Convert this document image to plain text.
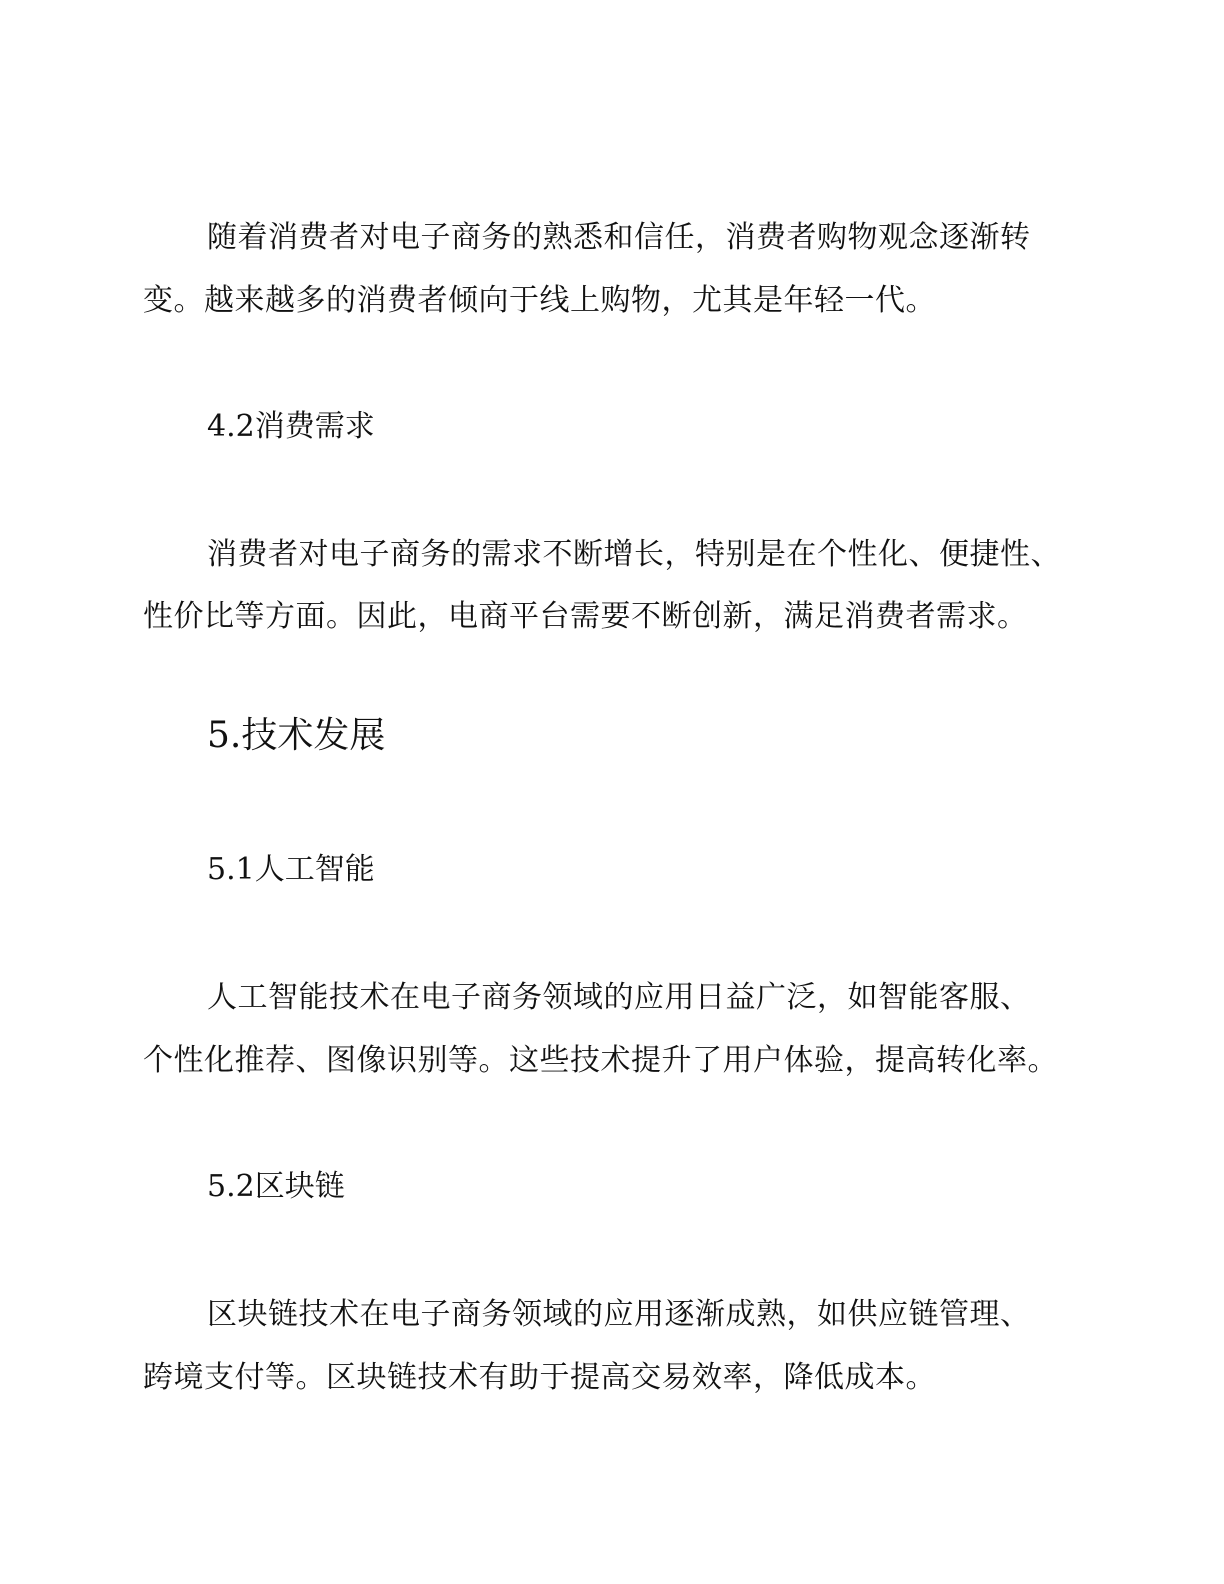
随着消费者对电子商务的熟悉和信任，消费者购物观念逐渐转
变。越来越多的消费者倾向于线上购物，尤其是年轻一代。
4.2消费需求
消费者对电子商务的需求不断增长，特别是在个性化、便捷性、
性价比等方面。因此，电商平台需要不断创新，满足消费者需求。
5.技术发展
5.1人工智能
人工智能技术在电子商务领域的应用日益广泛，如智能客服、
个性化推荐、图像识别等。这些技术提升了用户体验，提高转化率。
5.2区块链
区块链技术在电子商务领域的应用逐渐成熟，如供应链管理、
跨境支付等。区块链技术有助于提高交易效率，降低成本。
